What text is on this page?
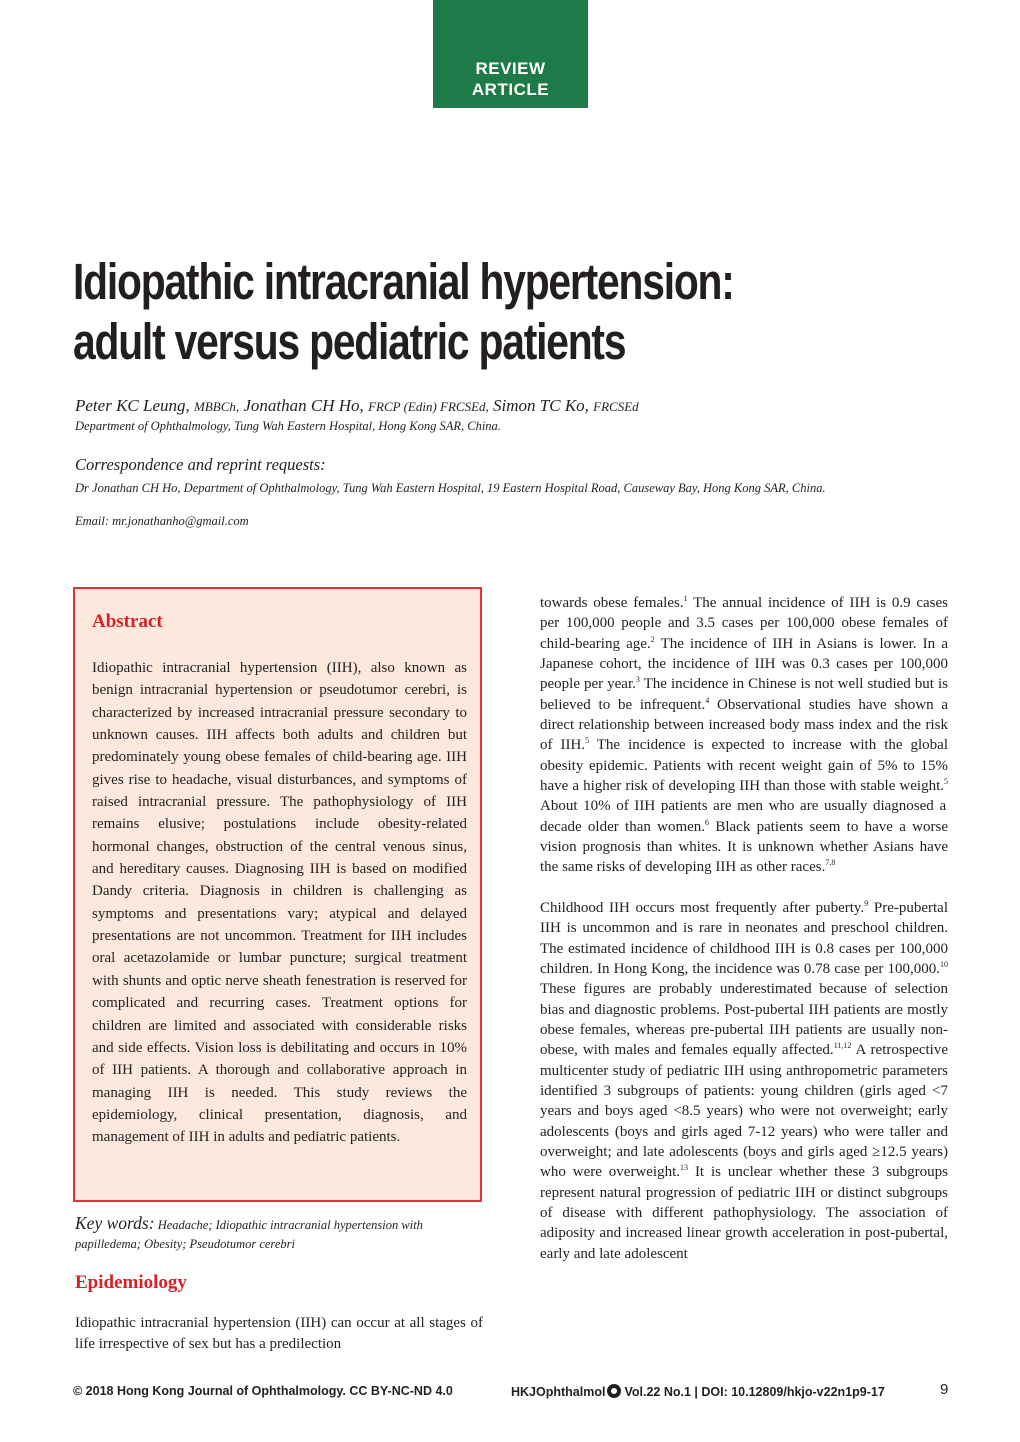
REVIEW
ARTICLE
Idiopathic intracranial hypertension:
adult versus pediatric patients
Peter KC Leung, MBBCh, Jonathan CH Ho, FRCP (Edin) FRCSEd, Simon TC Ko, FRCSEd
Department of Ophthalmology, Tung Wah Eastern Hospital, Hong Kong SAR, China.
Correspondence and reprint requests:
Dr Jonathan CH Ho, Department of Ophthalmology, Tung Wah Eastern Hospital, 19 Eastern Hospital Road, Causeway Bay, Hong Kong SAR, China.
Email: mr.jonathanho@gmail.com
Abstract
Idiopathic intracranial hypertension (IIH), also known as benign intracranial hypertension or pseudotumor cerebri, is characterized by increased intracranial pressure secondary to unknown causes. IIH affects both adults and children but predominately young obese females of child-bearing age. IIH gives rise to headache, visual disturbances, and symptoms of raised intracranial pressure. The pathophysiology of IIH remains elusive; postulations include obesity-related hormonal changes, obstruction of the central venous sinus, and hereditary causes. Diagnosing IIH is based on modified Dandy criteria. Diagnosis in children is challenging as symptoms and presentations vary; atypical and delayed presentations are not uncommon. Treatment for IIH includes oral acetazolamide or lumbar puncture; surgical treatment with shunts and optic nerve sheath fenestration is reserved for complicated and recurring cases. Treatment options for children are limited and associated with considerable risks and side effects. Vision loss is debilitating and occurs in 10% of IIH patients. A thorough and collaborative approach in managing IIH is needed. This study reviews the epidemiology, clinical presentation, diagnosis, and management of IIH in adults and pediatric patients.
Key words: Headache; Idiopathic intracranial hypertension with papilledema; Obesity; Pseudotumor cerebri
Epidemiology
Idiopathic intracranial hypertension (IIH) can occur at all stages of life irrespective of sex but has a predilection

towards obese females.$^1$ The annual incidence of IIH is 0.9 cases per 100,000 people and 3.5 cases per 100,000 obese females of child-bearing age.$^2$ The incidence of IIH in Asians is lower. In a Japanese cohort, the incidence of IIH was 0.3 cases per 100,000 people per year.$^3$ The incidence in Chinese is not well studied but is believed to be infrequent.$^4$ Observational studies have shown a direct relationship between increased body mass index and the risk of IIH.$^5$ The incidence is expected to increase with the global obesity epidemic. Patients with recent weight gain of 5% to 15% have a higher risk of developing IIH than those with stable weight.$^5$ About 10% of IIH patients are men who are usually diagnosed a decade older than women.$^6$ Black patients seem to have a worse vision prognosis than whites. It is unknown whether Asians have the same risks of developing IIH as other races.$^{7,8}$

Childhood IIH occurs most frequently after puberty.$^9$ Pre-pubertal IIH is uncommon and is rare in neonates and preschool children. The estimated incidence of childhood IIH is 0.8 cases per 100,000 children. In Hong Kong, the incidence was 0.78 case per 100,000.10 These figures are probably underestimated because of selection bias and diagnostic problems. Post-pubertal IIH patients are mostly obese females, whereas pre-pubertal IIH patients are usually non-obese, with males and females equally affected.$^{11,12}$ A retrospective multicenter study of pediatric IIH using anthropometric parameters identified 3 subgroups of patients: young children (girls aged <7 years and boys aged <8.5 years) who were not overweight; early adolescents (boys and girls aged 7-12 years) who were taller and overweight; and late adolescents (boys and girls aged ≥12.5 years) who were overweight.$^{13}$ It is unclear whether these 3 subgroups represent natural progression of pediatric IIH or distinct subgroups of disease with different pathophysiology. The association of adiposity and increased linear growth acceleration in post-pubertal, early and late adolescent

© 2018 Hong Kong Journal of Ophthalmology. CC BY-NC-ND 4.0	HKJOphthalmol Vol.22 No.1 | DOI: 10.12809/hkjo-v22n1p9-17	9
